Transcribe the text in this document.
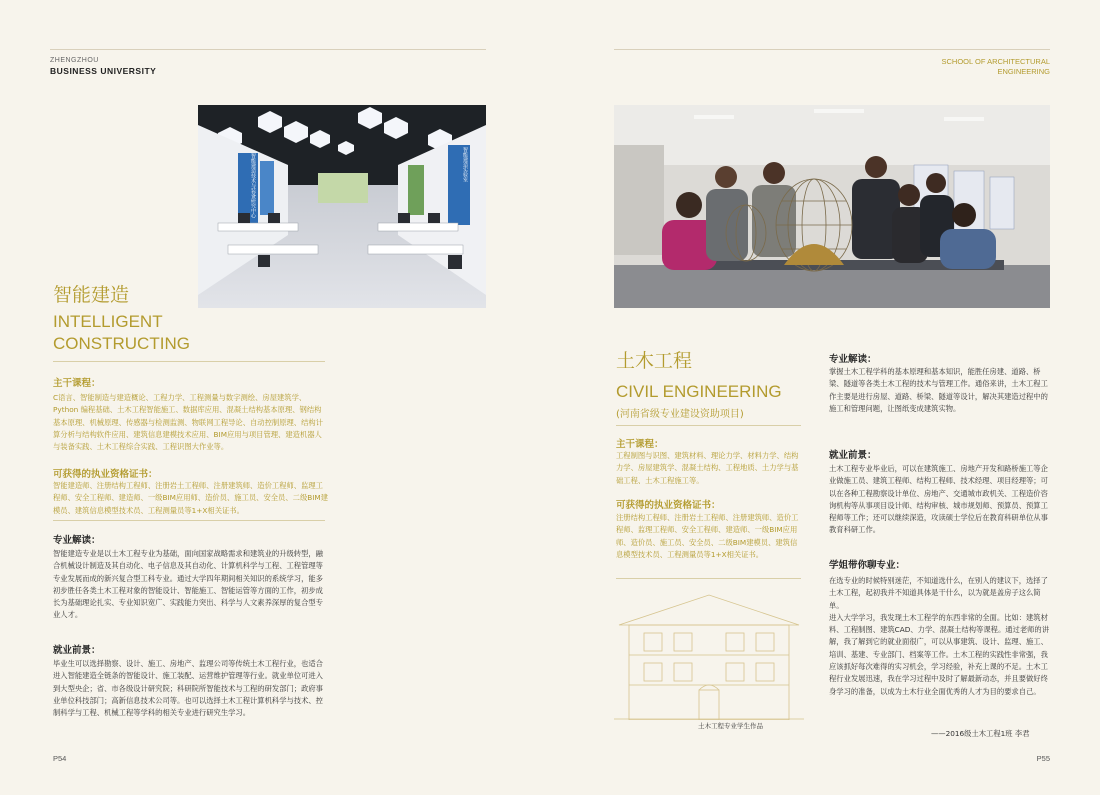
ZHENGZHOU
BUSINESS UNIVERSITY
智能建造技术与装备研究中心	智能建造实验室
智能建造
INTELLIGENT
CONSTRUCTING
主干课程：
C语言、智能制造与建造概论、工程力学、工程测量与数字测绘、房屋建筑学、Python 编程基础、土木工程智能施工、数据库应用、混凝土结构基本原理、钢结构基本原理、机械原理、传感器与检测监测、物联网工程导论、自动控制原理、结构计算分析与结构软件应用、建筑信息建模技术应用、BIM应用与项目管理、建造机器人与装备实践、土木工程综合实践、工程识图大作业等。
可获得的执业资格证书：
智能建造师、注册结构工程师、注册岩土工程师、注册建筑师、造价工程师、监理工程师、安全工程师、建造师、一级BIM应用师、造价员、施工员、安全员、二级BIM建模员、建筑信息模型技术员、工程测量员等1+X相关证书。
专业解读：
智能建造专业是以土木工程专业为基础，面向国家战略需求和建筑业的升级转型，融合机械设计制造及其自动化、电子信息及其自动化、计算机科学与工程、工程管理等专业发展而成的新兴复合型工科专业。通过大学四年期间相关知识的系统学习，能多初步胜任各类土木工程对象的智能设计、智能施工、智能运管等方面的工作，初步成长为基础理论扎实、专业知识宽广、实践能力突出、科学与人文素养深厚的复合型专业人才。
就业前景：
毕业生可以选择勘察、设计、施工、房地产、监理公司等传统土木工程行业，也适合进入智能建造全链条的智能设计、施工装配、运营维护管理等行业。就业单位可进入到大型央企；省、市各级设计研究院；科研院所智能技术与工程的研发部门；政府事业单位科技部门；高新信息技术公司等。也可以选择土木工程计算机科学与技术、控制科学与工程、机械工程等学科的相关专业进行研究生学习。
P54
SCHOOL OF ARCHITECTURAL
ENGINEERING
土木工程
CIVIL ENGINEERING
(河南省级专业建设资助项目)
主干课程：
工程制图与识图、建筑材料、理论力学、材料力学、结构力学、房屋建筑学、混凝土结构、工程地质、土力学与基础工程、土木工程施工等。
可获得的执业资格证书：
注册结构工程师、注册岩土工程师、注册建筑师、造价工程师、监理工程师、安全工程师、建造师、一级BIM应用师、造价员、施工员、安全员、二级BIM建模员、建筑信息模型技术员、工程测量员等1+X相关证书。
土木工程专业学生作品
专业解读：
掌握土木工程学科的基本原理和基本知识，能胜任房建、道路、桥梁、隧道等各类土木工程的技术与管理工作。通俗来讲，土木工程工作主要是进行房屋、道路、桥梁、隧道等设计，解决其建造过程中的施工和管理问题，让图纸变成建筑实物。
就业前景：
土木工程专业毕业后，可以在建筑施工、房地产开发和路桥施工等企业做施工员、建筑工程师、结构工程师、技术经理、项目经理等；可以在各种工程勘察设计单位、房地产、交通城市政机关、工程造价咨询机构等从事项目设计师、结构审核、城市规划师、预算员、预算工程师等工作；还可以继续深造，攻读硕士学位后在教育科研单位从事教育科研工作。
学姐带你聊专业：
在选专业的时候特别迷茫，不知道选什么，在别人的建议下，选择了土木工程，起初我并不知道具体是干什么，以为就是盖房子这么简单。
进入大学学习，我发现土木工程学的东西非常的全面。比如：建筑材料、工程制图、建筑CAD、力学、混凝土结构等课程。通过老师的讲解，我了解到它的就业面很广，可以从事建筑、设计、监理、施工、培训、基建、专业部门、档案等工作。土木工程的实践性非常强，我应该抓好每次难得的实习机会，学习经验，补充上课的不足。土木工程行业发展迅速，我在学习过程中及时了解最新动态，并且要做好终身学习的准备，以成为土木行业全面优秀的人才为目的要求自己。
——2016级土木工程1班 李君
P55
